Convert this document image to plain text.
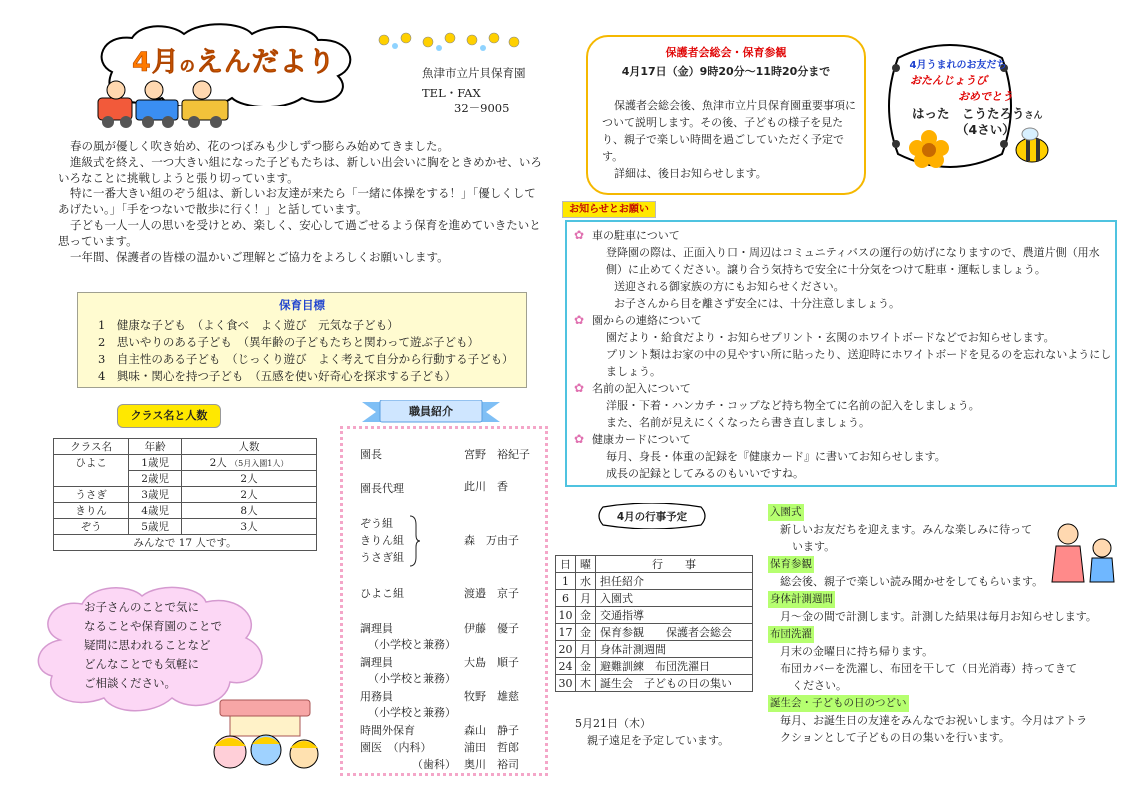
4月のえんだより	魚津市立片貝保育園
TEL・FAX
32－9005

春の風が優しく吹き始め、花のつぼみも少しずつ膨らみ始めてきました。

進級式を終え、一つ大きい組になった子どもたちは、新しい出会いに胸をときめかせ、いろいろなことに挑戦しようと張り切っています。

特に一番大きい組のぞう組は、新しいお友達が来たら「一緒に体操をする！」「優しくしてあげたい。」「手をつないで散歩に行く！」と話しています。

子ども一人一人の思いを受けとめ、楽しく、安心して過ごせるよう保育を進めていきたいと思っています。

一年間、保護者の皆様の温かいご理解とご協力をよろしくお願いします。

保育目標
1　健康な子ども　（よく食べ　よく遊び　元気な子ども）
2　思いやりのある子ども　（異年齢の子どもたちと関わって遊ぶ子ども）
3　自主性のある子ども　（じっくり遊び　よく考えて自分から行動する子ども）
4　興味・関心を持つ子ども　（五感を使い好奇心を探求する子ども）
クラス名と人数
クラス名	年齢	人数
ひよこ	1歳児	2人 （5月入園1人）
	2歳児	2人
うさぎ	3歳児	2人
きりん	4歳児	8人
ぞう	5歳児	3人
みんなで 17 人です。		
お子さんのことで気に
なることや保育園のことで
疑問に思われることなど
どんなことでも気軽に
ご相談ください。
職員紹介
園長	宮野　裕紀子
園長代理	此川　香
ぞう組
きりん組
うさぎ組
森　万由子
ひよこ組	渡邉　京子
調理員	伊藤　優子
（小学校と兼務）
調理員	大島　順子
（小学校と兼務）
用務員	牧野　雄慈
（小学校と兼務）
時間外保育	森山　静子
園医　（内科）	浦田　哲郎
（歯科） 奥川　裕司
保護者会総会・保育参観
4月17日（金）9時20分～11時20分まで

保護者会総会後、魚津市立片貝保育園重要事項について説明します。その後、子どもの様子を見たり、親子で楽しい時間を過ごしていただく予定です。

詳細は、後日お知らせします。

4月うまれのお友だち
おたんじょうび
おめでとう
はった　こうたろうさん
（4さい）
お知らせとお願い
✿ 車の駐車について
登降園の際は、正面入り口・周辺はコミュニティバスの運行の妨げになりますので、農道片側（用水側）に止めてください。譲り合う気持ちで安全に十分気をつけて駐車・運転しましょう。
送迎される御家族の方にもお知らせください。
お子さんから目を離さず安全には、十分注意しましょう。
✿ 園からの連絡について
園だより・給食だより・お知らせプリント・玄関のホワイトボードなどでお知らせします。
プリント類はお家の中の見やすい所に貼ったり、送迎時にホワイトボードを見るのを忘れないようにしましょう。
✿ 名前の記入について
洋服・下着・ハンカチ・コップなど持ち物全てに名前の記入をしましょう。
また、名前が見えにくくなったら書き直しましょう。
✿ 健康カードについて
毎月、身長・体重の記録を『健康カード』に書いてお知らせします。
成長の記録としてみるのもいいですね。
4月の行事予定
日	曜	行　　事
1	水	担任紹介
6	月	入園式
10	金	交通指導
17	金	保育参観　　保護者会総会
20	月	身体計測週間
24	金	避難訓練　布団洗濯日
30	木	誕生会　子どもの日の集い
5月21日（木）
親子遠足を予定しています。
入園式
新しいお友だちを迎えます。みんな楽しみに待って
います。
保育参観
総会後、親子で楽しい読み聞かせをしてもらいます。
身体計測週間
月～金の間で計測します。計測した結果は毎月お知らせします。
布団洗濯
月末の金曜日に持ち帰ります。
布団カバーを洗濯し、布団を干して（日光消毒）持ってきて
ください。
誕生会・子どもの日のつどい
毎月、お誕生日の友達をみんなでお祝いします。今月はアトラ
クションとして子どもの日の集いを行います。
